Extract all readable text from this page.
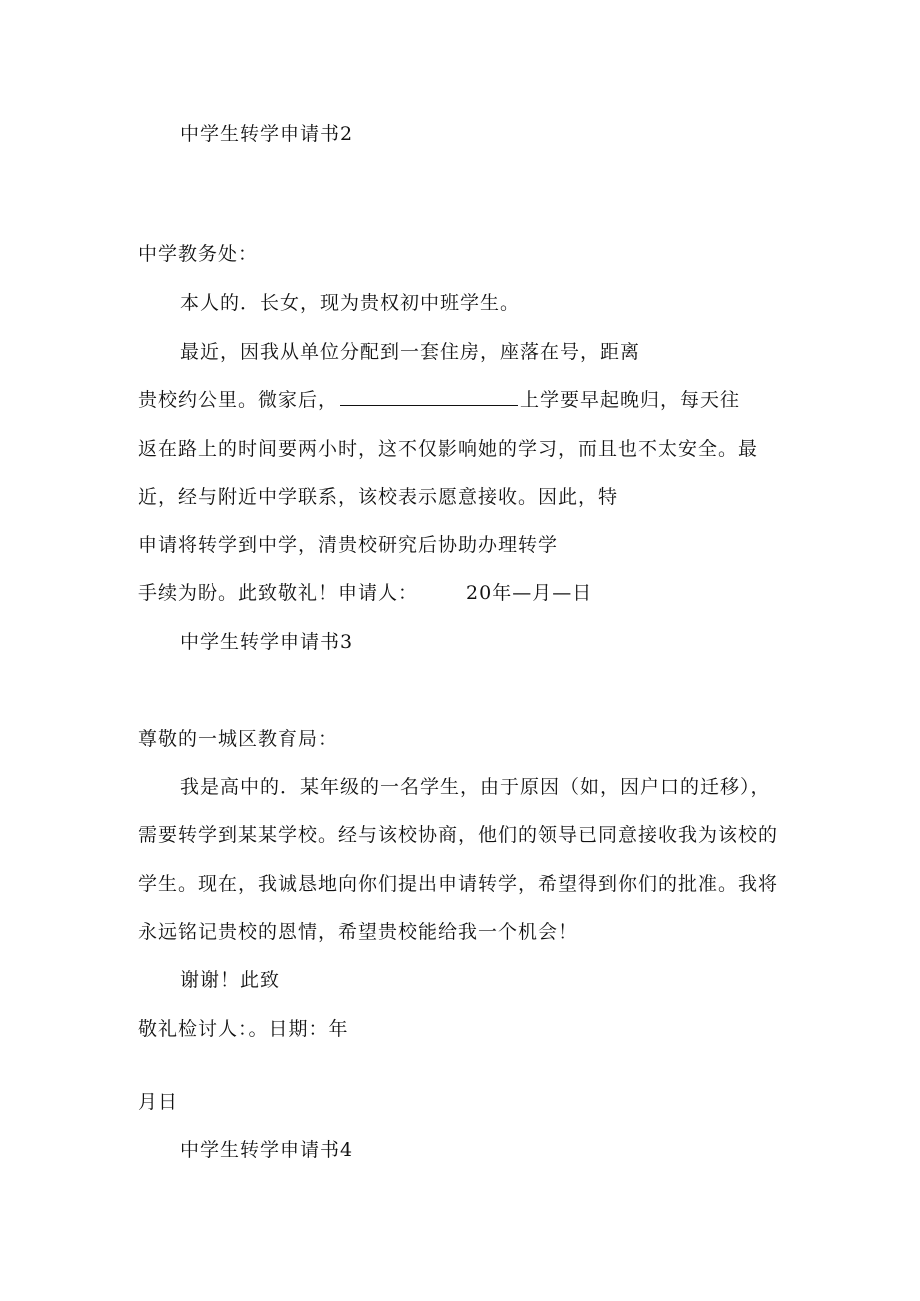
中学生转学申请书2
中学教务处：
本人的．长女，现为贵权初中班学生。
最近，因我从单位分配到一套住房，座落在号，距离
贵校约公里。微家后，	上学要早起晚归，每天往
返在路上的时间要两小时，这不仅影响她的学习，而且也不太安全。最
近，经与附近中学联系，该校表示愿意接收。因此，特
申请将转学到中学，清贵校研究后协助办理转学
手续为盼。此致敬礼！申请人：	20年—月—日
中学生转学申请书3
尊敬的一城区教育局：
我是高中的．某年级的一名学生，由于原因（如，因户口的迁移），
需要转学到某某学校。经与该校协商，他们的领导已同意接收我为该校的
学生。现在，我诚恳地向你们提出申请转学，希望得到你们的批准。我将
永远铭记贵校的恩情，希望贵校能给我一个机会！
谢谢！此致
敬礼检讨人：。日期：年
月日
中学生转学申请书4
